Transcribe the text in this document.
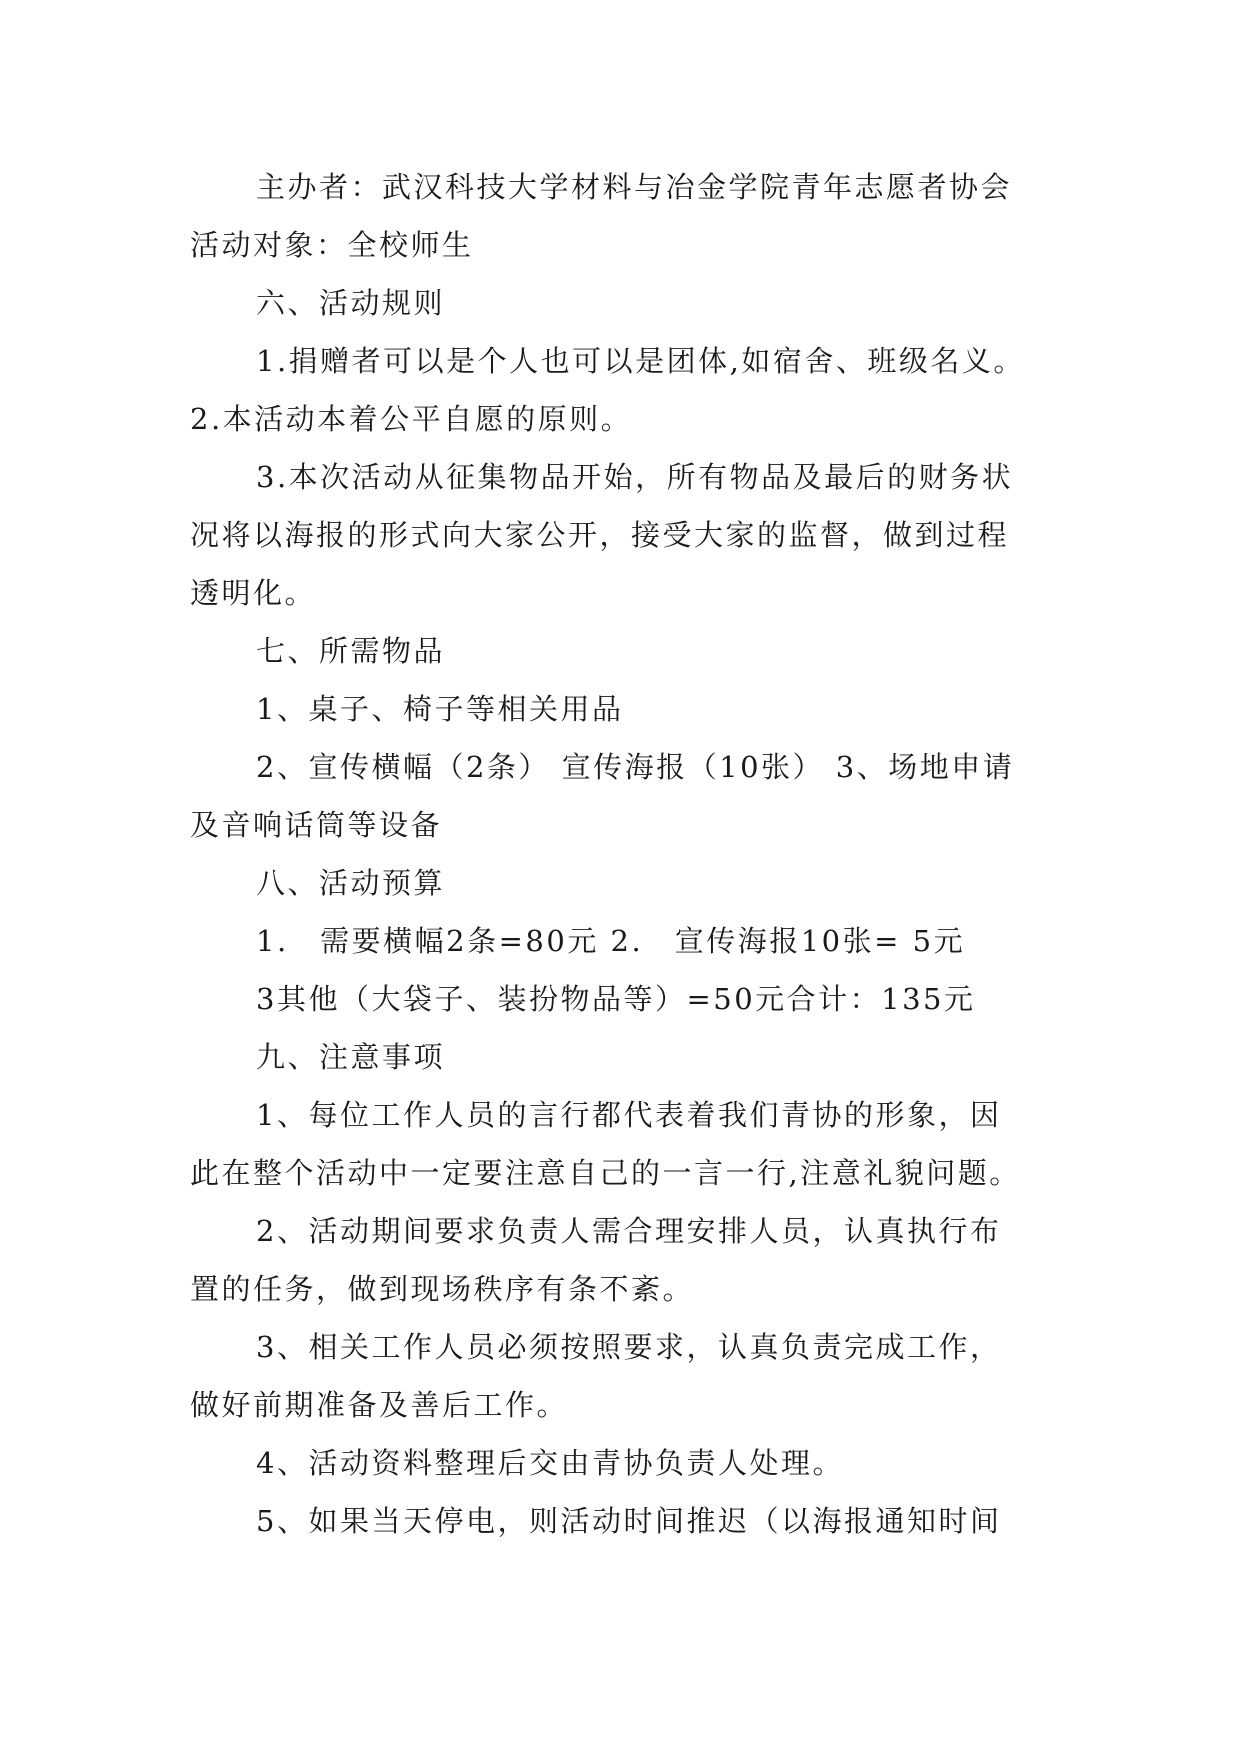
主办者：武汉科技大学材料与冶金学院青年志愿者协会
活动对象：全校师生
六、活动规则
1.捐赠者可以是个人也可以是团体,如宿舍、班级名义。
2.本活动本着公平自愿的原则。
3.本次活动从征集物品开始，所有物品及最后的财务状
况将以海报的形式向大家公开，接受大家的监督，做到过程
透明化。
七、所需物品
1、桌子、椅子等相关用品
2、宣传横幅（2条） 宣传海报（10张） 3、场地申请
及音响话筒等设备
八、活动预算
1.　需要横幅2条=80元 2.　宣传海报10张= 5元
3其他（大袋子、装扮物品等）=50元合计：135元
九、注意事项
1、每位工作人员的言行都代表着我们青协的形象，因
此在整个活动中一定要注意自己的一言一行,注意礼貌问题。
2、活动期间要求负责人需合理安排人员，认真执行布
置的任务，做到现场秩序有条不紊。
3、相关工作人员必须按照要求，认真负责完成工作，
做好前期准备及善后工作。
4、活动资料整理后交由青协负责人处理。
5、如果当天停电，则活动时间推迟（以海报通知时间
